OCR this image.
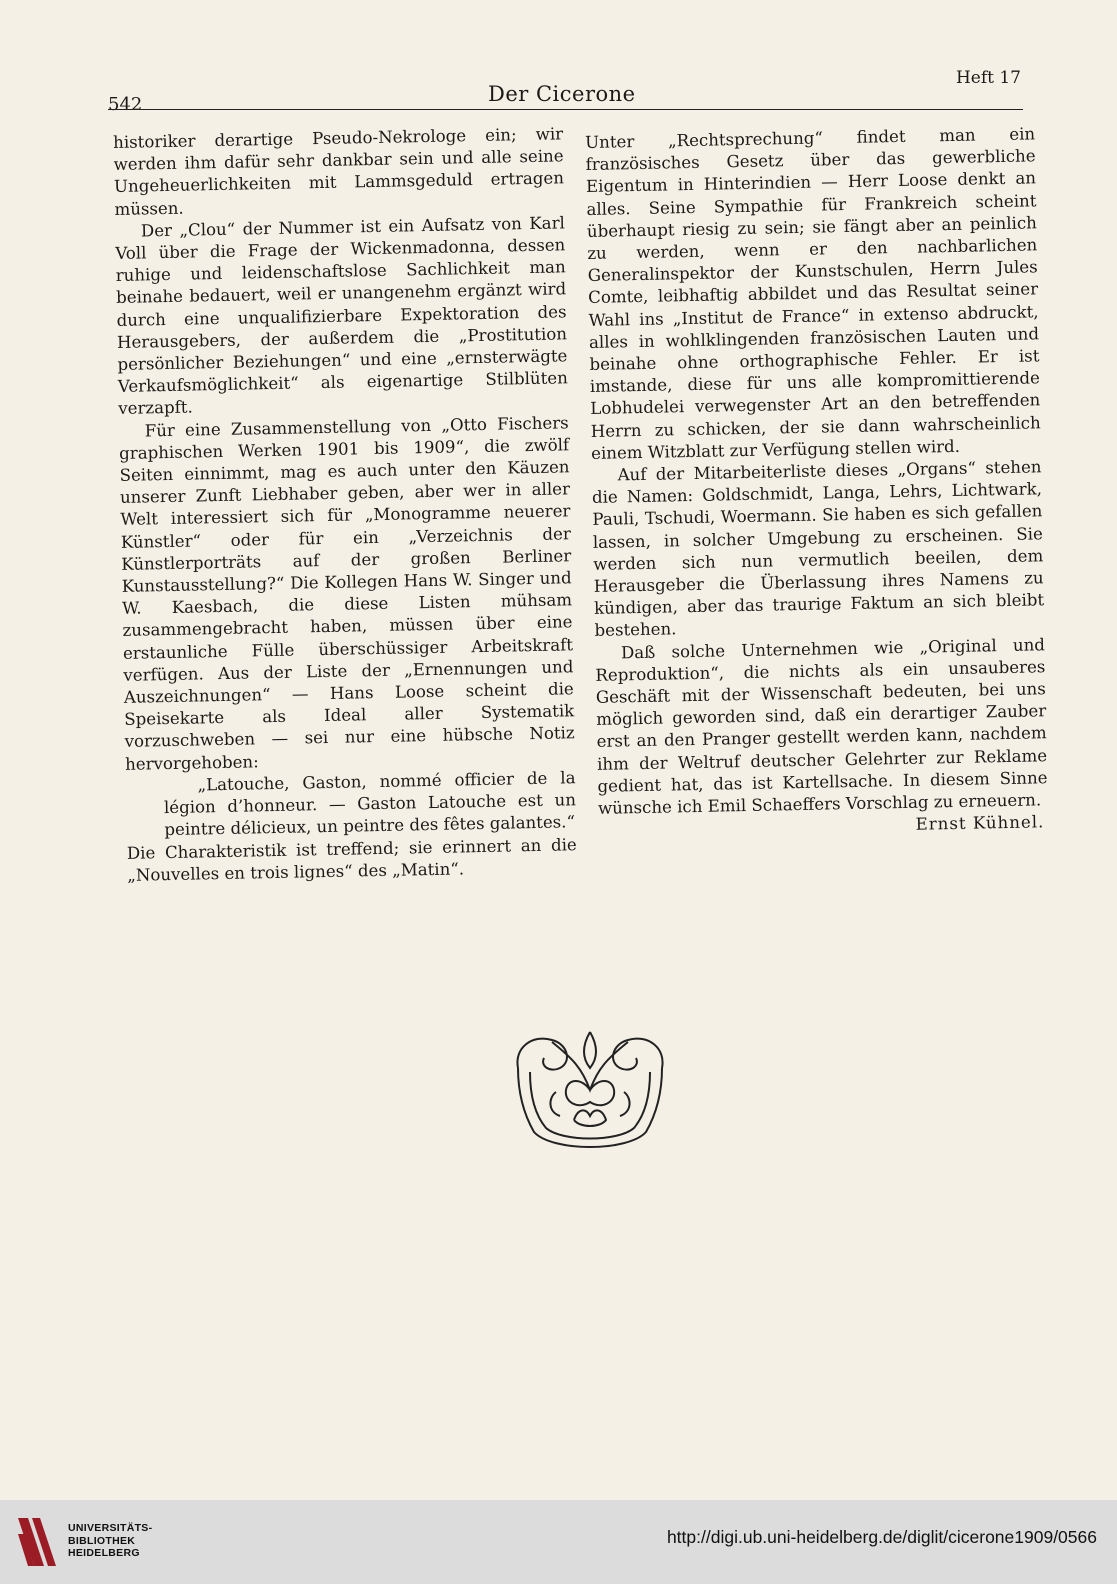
542	Der Cicerone
Heft 17

historiker derartige Pseudo-Nekrologe ein; wir werden ihm dafür sehr dankbar sein und alle seine Ungeheuerlichkeiten mit Lammsgeduld ertragen müssen.

Der „Clou“ der Nummer ist ein Aufsatz von Karl Voll über die Frage der Wickenmadonna, dessen ruhige und leidenschaftslose Sachlichkeit man beinahe bedauert, weil er unangenehm ergänzt wird durch eine unqualifizierbare Expektoration des Herausgebers, der außerdem die „Prostitution persönlicher Beziehungen“ und eine „ernsterwägte Verkaufsmöglichkeit“ als eigenartige Stilblüten verzapft.

Für eine Zusammenstellung von „Otto Fischers graphischen Werken 1901 bis 1909“, die zwölf Seiten einnimmt, mag es auch unter den Käuzen unserer Zunft Liebhaber geben, aber wer in aller Welt interessiert sich für „Monogramme neuerer Künstler“ oder für ein „Verzeichnis der Künstlerporträts auf der großen Berliner Kunstausstellung?“ Die Kollegen Hans W. Singer und W. Kaesbach, die diese Listen mühsam zusammengebracht haben, müssen über eine erstaunliche Fülle überschüssiger Arbeitskraft verfügen. Aus der Liste der „Ernennungen und Auszeichnungen“ — Hans Loose scheint die Speisekarte als Ideal aller Systematik vorzuschweben — sei nur eine hübsche Notiz hervorgehoben:

„Latouche, Gaston, nommé officier de la légion d’honneur. — Gaston Latouche est un peintre délicieux, un peintre des fêtes galantes.“

Die Charakteristik ist treffend; sie erinnert an die „Nouvelles en trois lignes“ des „Matin“.

Unter „Rechtsprechung“ findet man ein französisches Gesetz über das gewerbliche Eigentum in Hinterindien — Herr Loose denkt an alles. Seine Sympathie für Frankreich scheint überhaupt riesig zu sein; sie fängt aber an peinlich zu werden, wenn er den nachbarlichen Generalinspektor der Kunstschulen, Herrn Jules Comte, leibhaftig abbildet und das Resultat seiner Wahl ins „Institut de France“ in extenso abdruckt, alles in wohlklingenden französischen Lauten und beinahe ohne orthographische Fehler. Er ist imstande, diese für uns alle kompromittierende Lobhudelei verwegenster Art an den betreffenden Herrn zu schicken, der sie dann wahrscheinlich einem Witzblatt zur Verfügung stellen wird.

Auf der Mitarbeiterliste dieses „Organs“ stehen die Namen: Goldschmidt, Langa, Lehrs, Lichtwark, Pauli, Tschudi, Woermann. Sie haben es sich gefallen lassen, in solcher Umgebung zu erscheinen. Sie werden sich nun vermutlich beeilen, dem Herausgeber die Überlassung ihres Namens zu kündigen, aber das traurige Faktum an sich bleibt bestehen.

Daß solche Unternehmen wie „Original und Reproduktion“, die nichts als ein unsauberes Geschäft mit der Wissenschaft bedeuten, bei uns möglich geworden sind, daß ein derartiger Zauber erst an den Pranger gestellt werden kann, nachdem ihm der Weltruf deutscher Gelehrter zur Reklame gedient hat, das ist Kartellsache. In diesem Sinne wünsche ich Emil Schaeffers Vorschlag zu erneuern.

Ernst Kühnel.

UNIVERSITÄTS-
BIBLIOTHEK
HEIDELBERG
http://digi.ub.uni-heidelberg.de/diglit/cicerone1909/0566
